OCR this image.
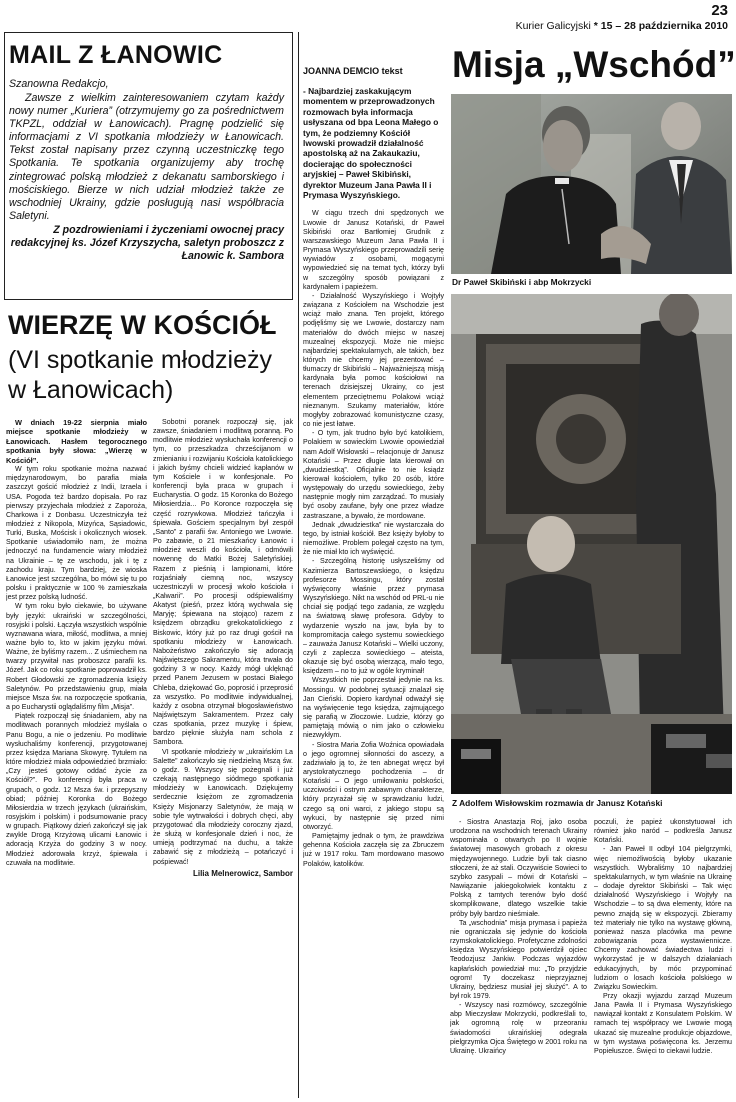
23
Kurier Galicyjski * 15 – 28 października 2010
MAIL Z ŁANOWIC
Szanowna Redakcjo,
Zawsze z wielkim zainteresowaniem czytam każdy nowy numer „Kuriera” (otrzymujemy go za pośrednictwem TKPZL, oddział w Łanowicach). Pragnę podzielić się informacjami z VI spotkania młodzieży w Łanowicach. Tekst został napisany przez czynną uczestniczkę tego Spotkania. Te spotkania organizujemy aby trochę zintegrować polską młodzież z dekanatu samborskiego i mościskiego. Bierze w nich udział młodzież także ze wschodniej Ukrainy, gdzie posługują nasi współbracia Saletyni.
Z pozdrowieniami i życzeniami owocnej pracy redakcyjnej ks. Józef Krzyszycha, saletyn proboszcz z Łanowic k. Sambora
WIERZĘ W KOŚCIÓŁ
(VI spotkanie młodzieży w Łanowicach)

W dniach 19-22 sierpnia miało miejsce spotkanie młodzieży w Łanowicach. Hasłem tegorocznego spotkania były słowa: „Wierzę w Kościół”.

W tym roku spotkanie można nazwać międzynarodowym, bo parafia miała zaszczyt gościć młodzież z Indii, Izraela i USA. Pogoda też bardzo dopisała. Po raz pierwszy przyjechała młodzież z Zaporoża, Charkowa i z Donbasu. Uczestniczyła też młodzież z Nikopola, Mizyńca, Sąsiadowic, Turki, Buska, Mościsk i okolicznych wiosek. Spotkanie uświadomiło nam, że można jednoczyć na fundamencie wiary młodzież na Ukrainie – tę ze wschodu, jak i tę z zachodu kraju. Tym bardziej, że wioska Łanowice jest szczególna, bo mówi się tu po polsku i praktycznie w 100 % zamieszkała jest przez polską ludność.

W tym roku było ciekawie, bo używane były języki: ukraiński w szczególności, rosyjski i polski. Łączyła wszystkich wspólnie wyznawana wiara, miłość, modlitwa, a mniej ważne było to, kto w jakim języku mówi. Ważne, że byliśmy razem... Z uśmiechem na twarzy przywitał nas proboszcz parafii ks. Józef. Jak co roku spotkanie poprowadził ks. Robert Głodowski ze zgromadzenia księży Saletynów. Po przedstawieniu grup, miała miejsce Msza św. na rozpoczęcie spotkania, a po Eucharystii oglądaliśmy film „Misja”.

Piątek rozpoczął się śniadaniem, aby na modlitwach porannych młodzież myślała o Panu Bogu, a nie o jedzeniu. Po modlitwie wysłuchaliśmy konferencji, przygotowanej przez księdza Mariana Skowyrę. Tytułem na które młodzież miała odpowiedzieć brzmiało: „Czy jesteś gotowy oddać życie za Kościół?”. Po konferencji była praca w grupach, o godz. 12 Msza św. i przepyszny obiad; później Koronka do Bożego Miłosierdzia w trzech językach (ukraińskim, rosyjskim i polskim) i podsumowanie pracy w grupach. Piątkowy dzień zakończył się jak zwykle Drogą Krzyżową ulicami Łanowic i adoracją Krzyża do godziny 3 w nocy. Młodzież adorowała krzyż, śpiewała i czuwała na modlitwie.

Sobotni poranek rozpoczął się, jak zawsze, śniadaniem i modlitwą poranną. Po modlitwie młodzież wysłuchała konferencji o tym, co przeszkadza chrześcijanom w zmienianiu i rozwijaniu Kościoła katolickiego i jakich byśmy chcieli widzieć kapłanów w tym Kościele i w konfesjonale. Po konferencji była praca w grupach i Eucharystia. O godz. 15 Koronka do Bożego Miłosierdzia... Po Koronce rozpoczęła się część rozrywkowa. Młodzież tańczyła i śpiewała. Gościem specjalnym był zespół „Santo” z parafii św. Antoniego we Lwowie. Po zabawie, o 21 mieszkańcy Łanowic i młodzież weszli do kościoła, i odmówili nowennę do Matki Bożej Saletyńskiej. Razem z pieśnią i lampionami, które rozjaśniały ciemną noc, wszyscy uczestniczyli w procesji wkoło kościoła i „Kalwarii”. Po procesji odśpiewaliśmy Akatyst (pieśń, przez którą wychwala się Maryję; śpiewana na stojąco) razem z księdzem obrządku grekokatolickiego z Biskowic, który już po raz drugi gościł na spotkaniu młodzieży w Łanowicach. Nabożeństwo zakończyło się adoracją Najświętszego Sakramentu, która trwała do godziny 3 w nocy. Każdy mógł uklęknąć przed Panem Jezusem w postaci Białego Chleba, dziękować Go, poprosić i przeprosić za wszystko. Po modlitwie indywidualnej, każdy z osobna otrzymał błogosławieństwo Najświętszym Sakramentem. Przez cały czas spotkania, przez muzykę i śpiew, bardzo pięknie służyła nam schola z Sambora.

VI spotkanie młodzieży w „ukraińskim La Salette” zakończyło się niedzielną Mszą św. o godz. 9. Wszyscy się pożegnali i już czekają następnego siódmego spotkania młodzieży w Łanowicach. Dziękujemy serdecznie księżom ze zgromadzenia Księży Misjonarzy Saletynów, że mają w sobie tyle wytrwałości i dobrych chęci, aby przygotować dla młodzieży coroczny zjazd, że służą w konfesjonale dzień i noc, że umieją podtrzymać na duchu, a także zabawić się z młodzieżą – potańczyć i pośpiewać!

Lilia Melnerowicz, Sambor
JOANNA DEMCIO tekst
- Najbardziej zaskakującym momentem w przeprowadzonych rozmowach była informacja usłyszana od bpa Leona Małego o tym, że podziemny Kościół lwowski prowadził działalność apostolską aż na Zakaukaziu, docierając do społeczności aryjskiej – Paweł Skibiński, dyrektor Muzeum Jana Pawła II i Prymasa Wyszyńskiego.

W ciągu trzech dni spędzonych we Lwowie dr Janusz Kotański, dr Paweł Skibiński oraz Bartłomiej Grudnik z warszawskiego Muzeum Jana Pawła II i Prymasa Wyszyńskiego przeprowadzili serię wywiadów z osobami, mogącymi wypowiedzieć się na temat tych, którzy byli w szczególny sposób powiązani z kardynałem i papieżem.

- Działalność Wyszyńskiego i Wojtyły związana z Kościołem na Wschodzie jest wciąż mało znana. Ten projekt, którego podjęliśmy się we Lwowie, dostarczy nam materiałów do dwóch miejsc w naszej muzealnej ekspozycji. Może nie miejsc najbardziej spektakularnych, ale takich, bez których nie chcemy jej prezentować – tłumaczy dr Skibiński – Najważniejszą misją kardynała była pomoc kościołowi na terenach dzisiejszej Ukrainy, co jest elementem przeciętnemu Polakowi wciąż nieznanym. Szukamy materiałów, które mogłyby zobrazować komunistyczne czasy, co nie jest łatwe.

- O tym, jak trudno było być katolikiem, Polakiem w sowieckim Lwowie opowiedział nam Adolf Wisłowski – relacjonuje dr Janusz Kotański – Przez długie lata kierował on „dwudziestką”. Oficjalnie to nie ksiądz kierował kościołem, tylko 20 osób, które występowały do urzędu sowieckiego, żeby następnie mogły nim zarządzać. To musiały być osoby zaufane, były one przez władze zastraszane, a bywało, że mordowane.

Jednak „dwudziestka” nie wystarczała do tego, by istniał kościół. Bez księży byłoby to niemożliwe. Problem polegał często na tym, że nie miał kto ich wyświęcić.

- Szczególną historię usłyszeliśmy od Kazimierza Bartoszewskiego, o księdzu profesorze Mossingu, który został wyświęcony właśnie przez prymasa Wyszyńskiego. Nikt na wschód od PRL-u nie chciał się podjąć tego zadania, ze względu na światową sławę profesora. Gdyby to wydarzenie wyszło na jaw, była by to kompromitacja całego systemu sowieckiego – zauważa Janusz Kotański – Wielki uczony, czyli z zaplecza sowieckiego – ateista, okazuje się być osobą wierzącą, mało tego, księdzem – no to już w ogóle kryminał!

Wszystkich nie poprzestał jedynie na ks. Mossingu. W podobnej sytuacji znalazł się Jan Cieński. Dopiero kardynał odważył się na wyświęcenie tego księdza, zajmującego się parafią w Złoczowie. Ludzie, którzy go pamiętają mówią o nim jako o człowieku niezwykłym.

- Siostra Maria Zofia Woźnica opowiadała o jego ogromnej siłonności do ascezy, a zadziwiało ją to, że ten abnegat wręcz był arystokratycznego pochodzenia – dr Kotański – O jego umiłowaniu polskości, uczciwości i ostrym zabawnym charakterze, który przyrażał się w sprawdzaniu ludzi, czego są oni warci, z jakiego stopu są wykuci, by następnie się przed nimi otworzyć.

Pamiętajmy jednak o tym, że prawdziwa gehenna Kościoła zaczęła się za Zbruczem już w 1917 roku. Tam mordowano masowo Polaków, katolików.

Misja „Wschód”
Dr Paweł Skibiński i abp Mokrzycki
Z Adolfem Wisłowskim rozmawia dr Janusz Kotański

- Siostra Anastazja Roj, jako osoba urodzona na wschodnich terenach Ukrainy wspominała o otwartych po II wojnie światowej masowych grobach z okresu międzywojennego. Ludzie byli tak ciasno stłoczeni, że aż stali. Oczywiście Sowieci to szybko zasypali – mówi dr Kotański – Nawiązanie jakiegokolwiek kontaktu z Polską z tamtych terenów było dość skomplikowane, dlatego wszelkie takie próby były bardzo nieśmiałe.

Ta „wschodnia” misja prymasa i papieża nie ograniczała się jedynie do kościoła rzymskokatolickiego. Profetyczne zdolności księdza Wyszyńskiego potwierdził ojciec Teodozjusz Jankiw. Podczas wyjazdów kapłańskich powiedział mu: „To przyjdzie ogrom! Ty doczekasz nieprzyjaznej Ukrainy, będziesz musiał jej służyć”. A to był rok 1979.

- Wszyscy nasi rozmówcy, szczególnie abp Mieczysław Mokrzycki, podkreślali to, jak ogromną rolę w przeoraniu świadomości ukraińskiej odegrała pielgrzymka Ojca Świętego w 2001 roku na Ukrainę. Ukraińcy

poczuli, że papież ukonstytuował ich również jako naród – podkreśla Janusz Kotański.

- Jan Paweł II odbył 104 pielgrzymki, więc niemożliwością byłoby ukazanie wszystkich. Wybraliśmy 10 najbardziej spektakularnych, w tym właśnie na Ukrainę – dodaje dyrektor Skibiński – Tak więc działalność Wyszyńskiego i Wojtyły na Wschodzie – to są dwa elementy, które na pewno znajdą się w ekspozycji. Zbieramy też materiały nie tylko na wystawę główną, ponieważ nasza placówka ma pewne zobowiązania poza wystawiennicze. Chcemy zachować świadectwa ludzi i wykorzystać je w dalszych działaniach edukacyjnych, by móc przypominać ludziom o losach kościoła polskiego w Związku Sowieckim.

Przy okazji wyjazdu zarząd Muzeum Jana Pawła II i Prymasa Wyszyńskiego nawiązał kontakt z Konsulatem Polskim. W ramach tej współpracy we Lwowie mogą ukazać się muzealne produkcje objazdowe, w tym wystawa poświęcona ks. Jerzemu Popiełuszce. Święci to ciekawi ludzie.
